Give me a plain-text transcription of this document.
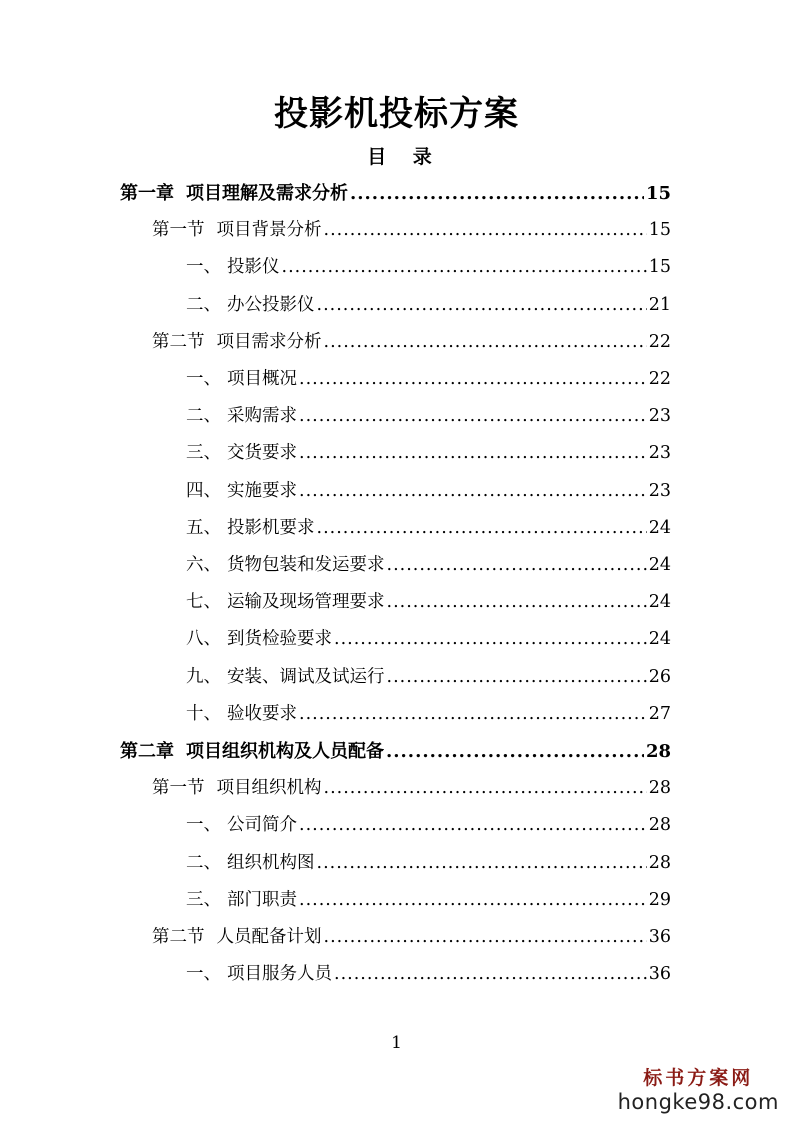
投影机投标方案
目 录
第一章 项目理解及需求分析 .....	15
第一节 项目背景分析 .....	15
一、 投影仪 .....	15
二、 办公投影仪 .....	21
第二节 项目需求分析 .....	22
一、 项目概况 .....	22
二、 采购需求 .....	23
三、 交货要求 .....	23
四、 实施要求 .....	23
五、 投影机要求 .....	24
六、 货物包装和发运要求 .....	24
七、 运输及现场管理要求 .....	24
八、 到货检验要求 .....	24
九、 安装、调试及试运行 .....	26
十、 验收要求 .....	27
第二章 项目组织机构及人员配备 .....	28
第一节 项目组织机构 .....	28
一、 公司简介 .....	28
二、 组织机构图 .....	28
三、 部门职责 .....	29
第二节 人员配备计划 .....	36
一、 项目服务人员 .....	36
1
标书方案网
hongke98.com
